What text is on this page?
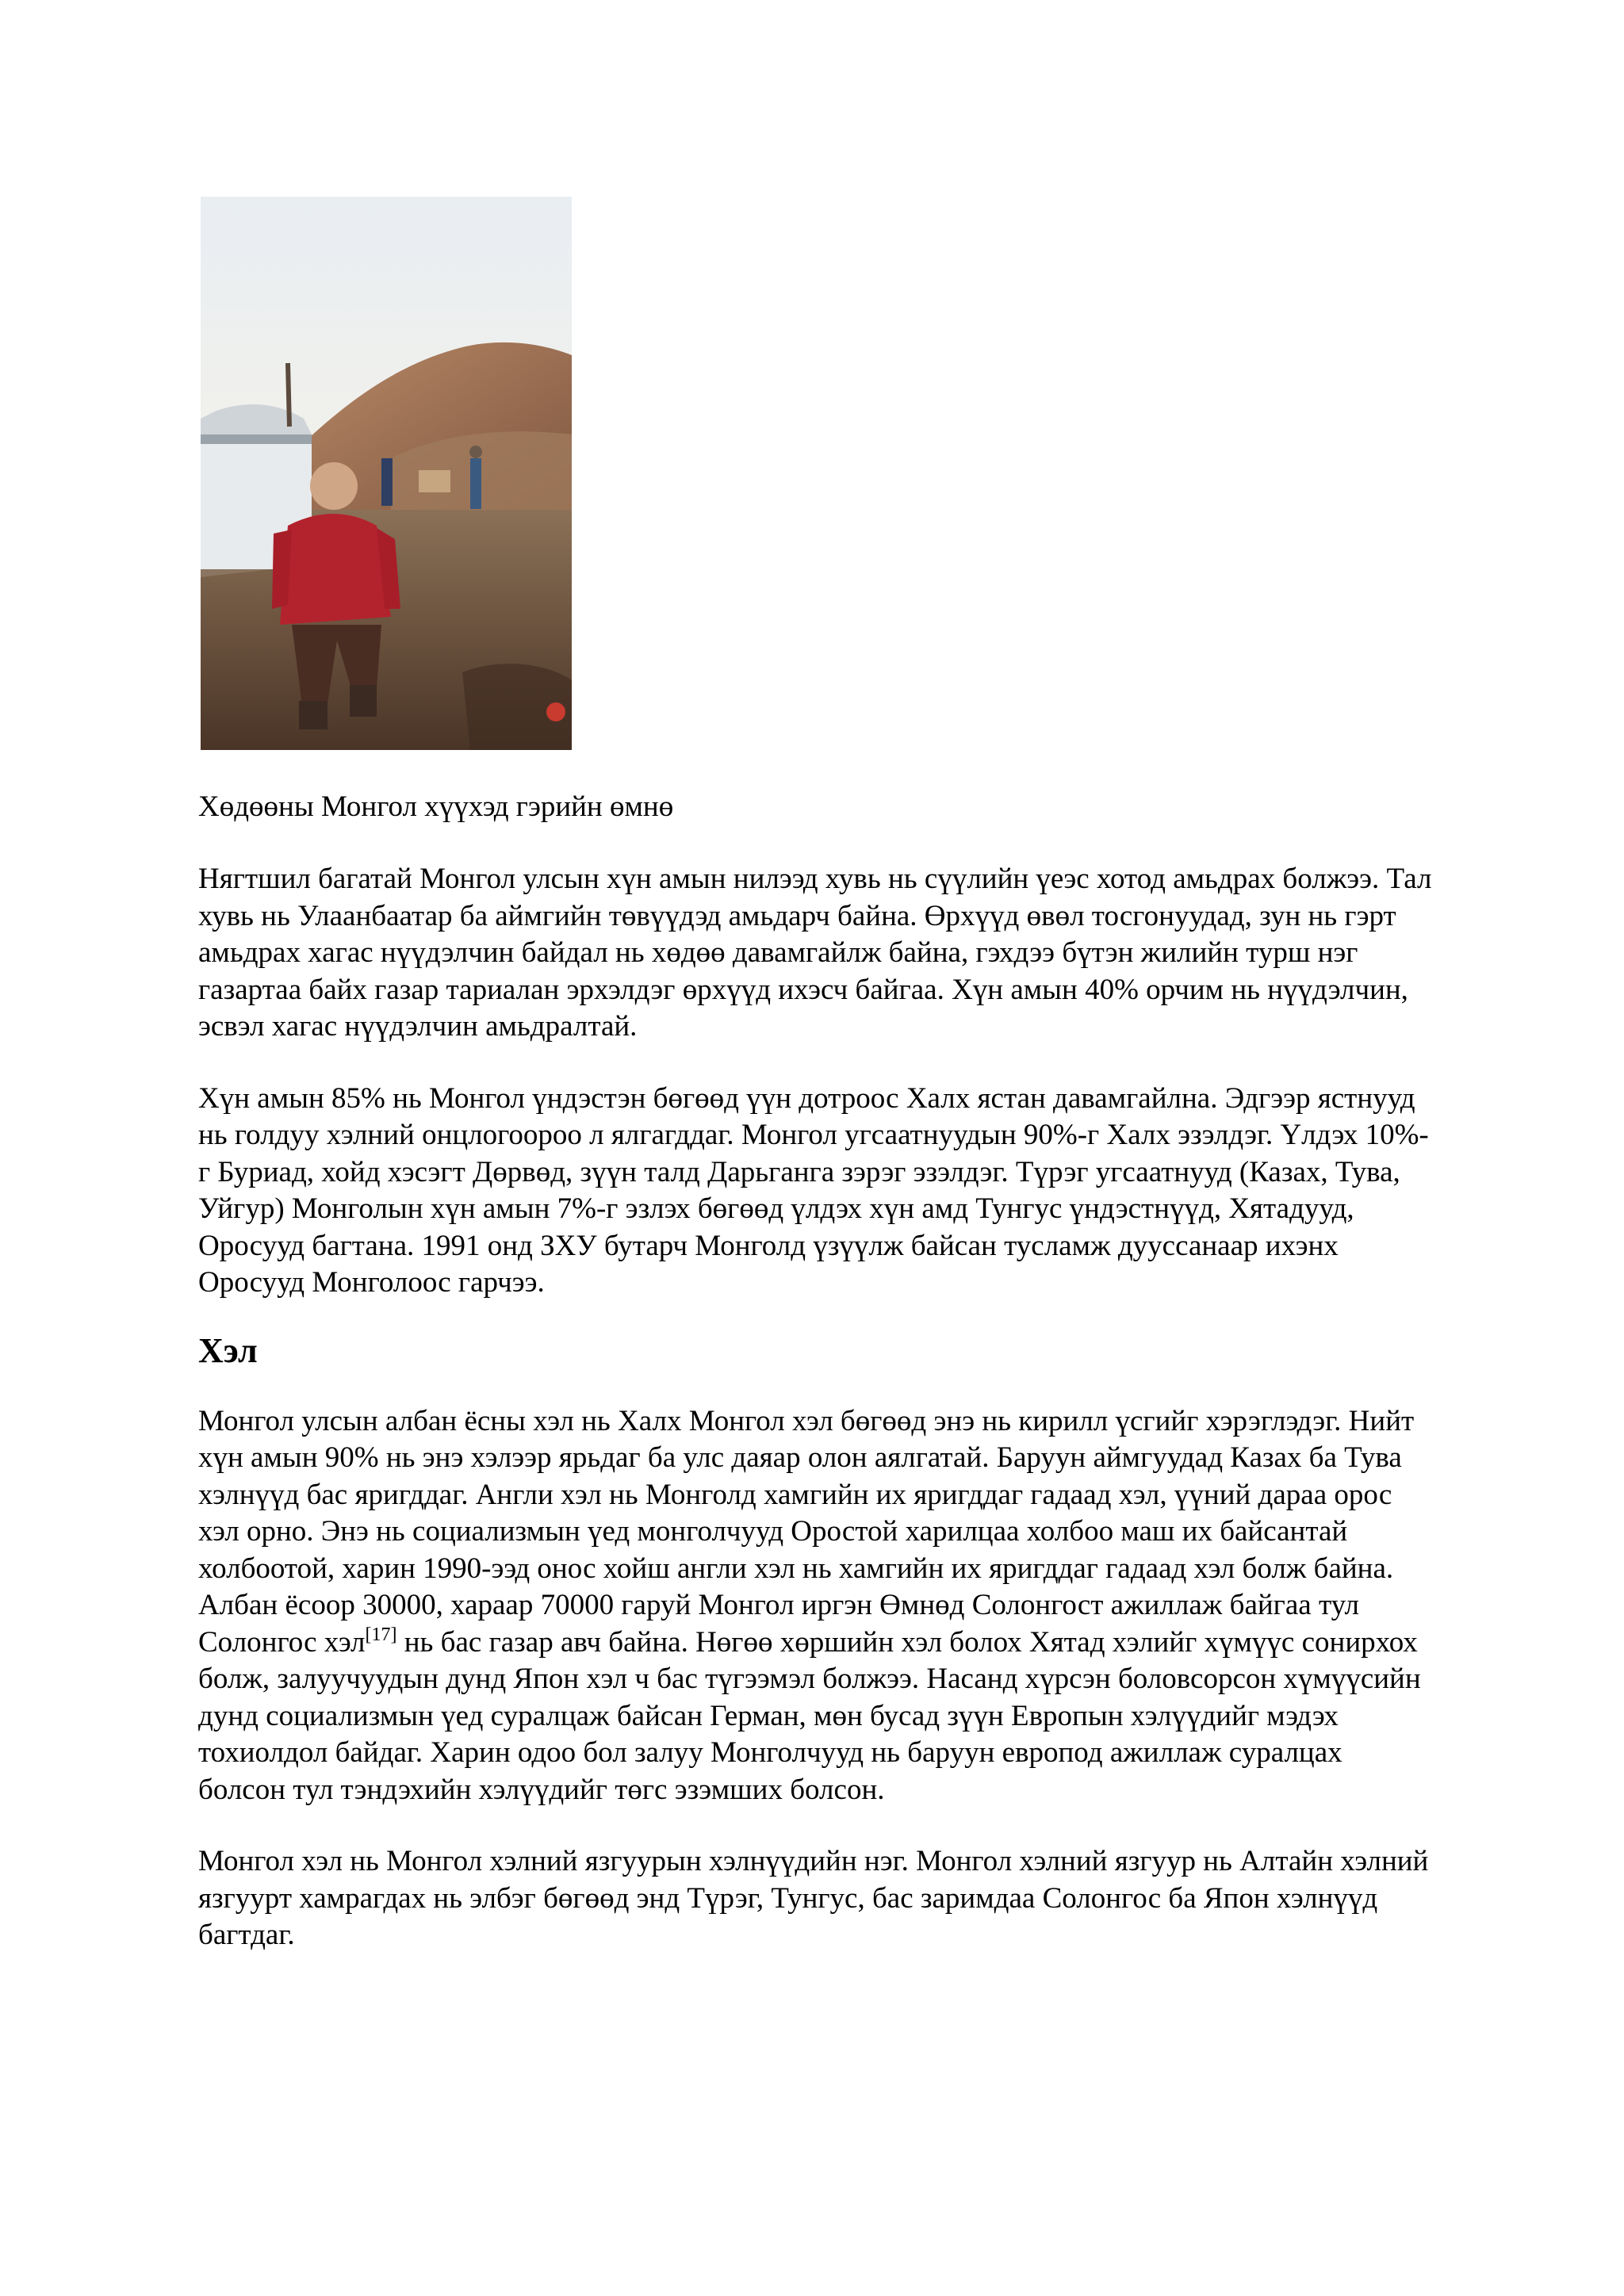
Хөдөөны Монгол хүүхэд гэрийн өмнө

Нягтшил багатай Монгол улсын хүн амын нилээд хувь нь сүүлийн үеэс хотод амьдрах болжээ. Тал хувь нь Улаанбаатар ба аймгийн төвүүдэд амьдарч байна. Өрхүүд өвөл тосгонуудад, зун нь гэрт амьдрах хагас нүүдэлчин байдал нь хөдөө давамгайлж байна, гэхдээ бүтэн жилийн турш нэг газартаа байх газар тариалан эрхэлдэг өрхүүд ихэсч байгаа. Хүн амын 40% орчим нь нүүдэлчин, эсвэл хагас нүүдэлчин амьдралтай.

Хүн амын 85% нь Монгол үндэстэн бөгөөд үүн дотроос Халх ястан давамгайлна. Эдгээр ястнууд нь голдуу хэлний онцлогоороо л ялгагддаг. Монгол угсаатнуудын 90%-г Халх эзэлдэг. Үлдэх 10%-г Буриад, хойд хэсэгт Дөрвөд, зүүн талд Дарьганга зэрэг эзэлдэг. Түрэг угсаатнууд (Казах, Тува, Уйгур) Монголын хүн амын 7%-г эзлэх бөгөөд үлдэх хүн амд Тунгус үндэстнүүд, Хятадууд, Оросууд багтана. 1991 онд ЗХУ бутарч Монголд үзүүлж байсан тусламж дууссанаар ихэнх Оросууд Монголоос гарчээ.

Хэл

Монгол улсын албан ёсны хэл нь Халх Монгол хэл бөгөөд энэ нь кирилл үсгийг хэрэглэдэг. Нийт хүн амын 90% нь энэ хэлээр ярьдаг ба улс даяар олон аялгатай. Баруун аймгуудад Казах ба Тува хэлнүүд бас яригддаг. Англи хэл нь Монголд хамгийн их яригддаг гадаад хэл, үүний дараа орос хэл орно. Энэ нь социализмын үед монголчууд Оростой харилцаа холбоо маш их байсантай холбоотой, харин 1990-ээд онос хойш англи хэл нь хамгийн их яригддаг гадаад хэл болж байна. Албан ёсоор 30000, хараар 70000 гаруй Монгол иргэн Өмнөд Солонгост ажиллаж байгаа тул Солонгос хэл[17] нь бас газар авч байна. Нөгөө хөршийн хэл болох Хятад хэлийг хүмүүс сонирхох болж, залуучуудын дунд Япон хэл ч бас түгээмэл болжээ. Насанд хүрсэн боловсорсон хүмүүсийн дунд социализмын үед суралцаж байсан Герман, мөн бусад зүүн Европын хэлүүдийг мэдэх тохиолдол байдаг. Харин одоо бол залуу Монголчууд нь баруун европод ажиллаж суралцах болсон тул тэндэхийн хэлүүдийг төгс эзэмших болсон.

Монгол хэл нь Монгол хэлний язгуурын хэлнүүдийн нэг. Монгол хэлний язгуур нь Алтайн хэлний язгуурт хамрагдах нь элбэг бөгөөд энд Түрэг, Тунгус, бас заримдаа Солонгос ба Япон хэлнүүд багтдаг.
